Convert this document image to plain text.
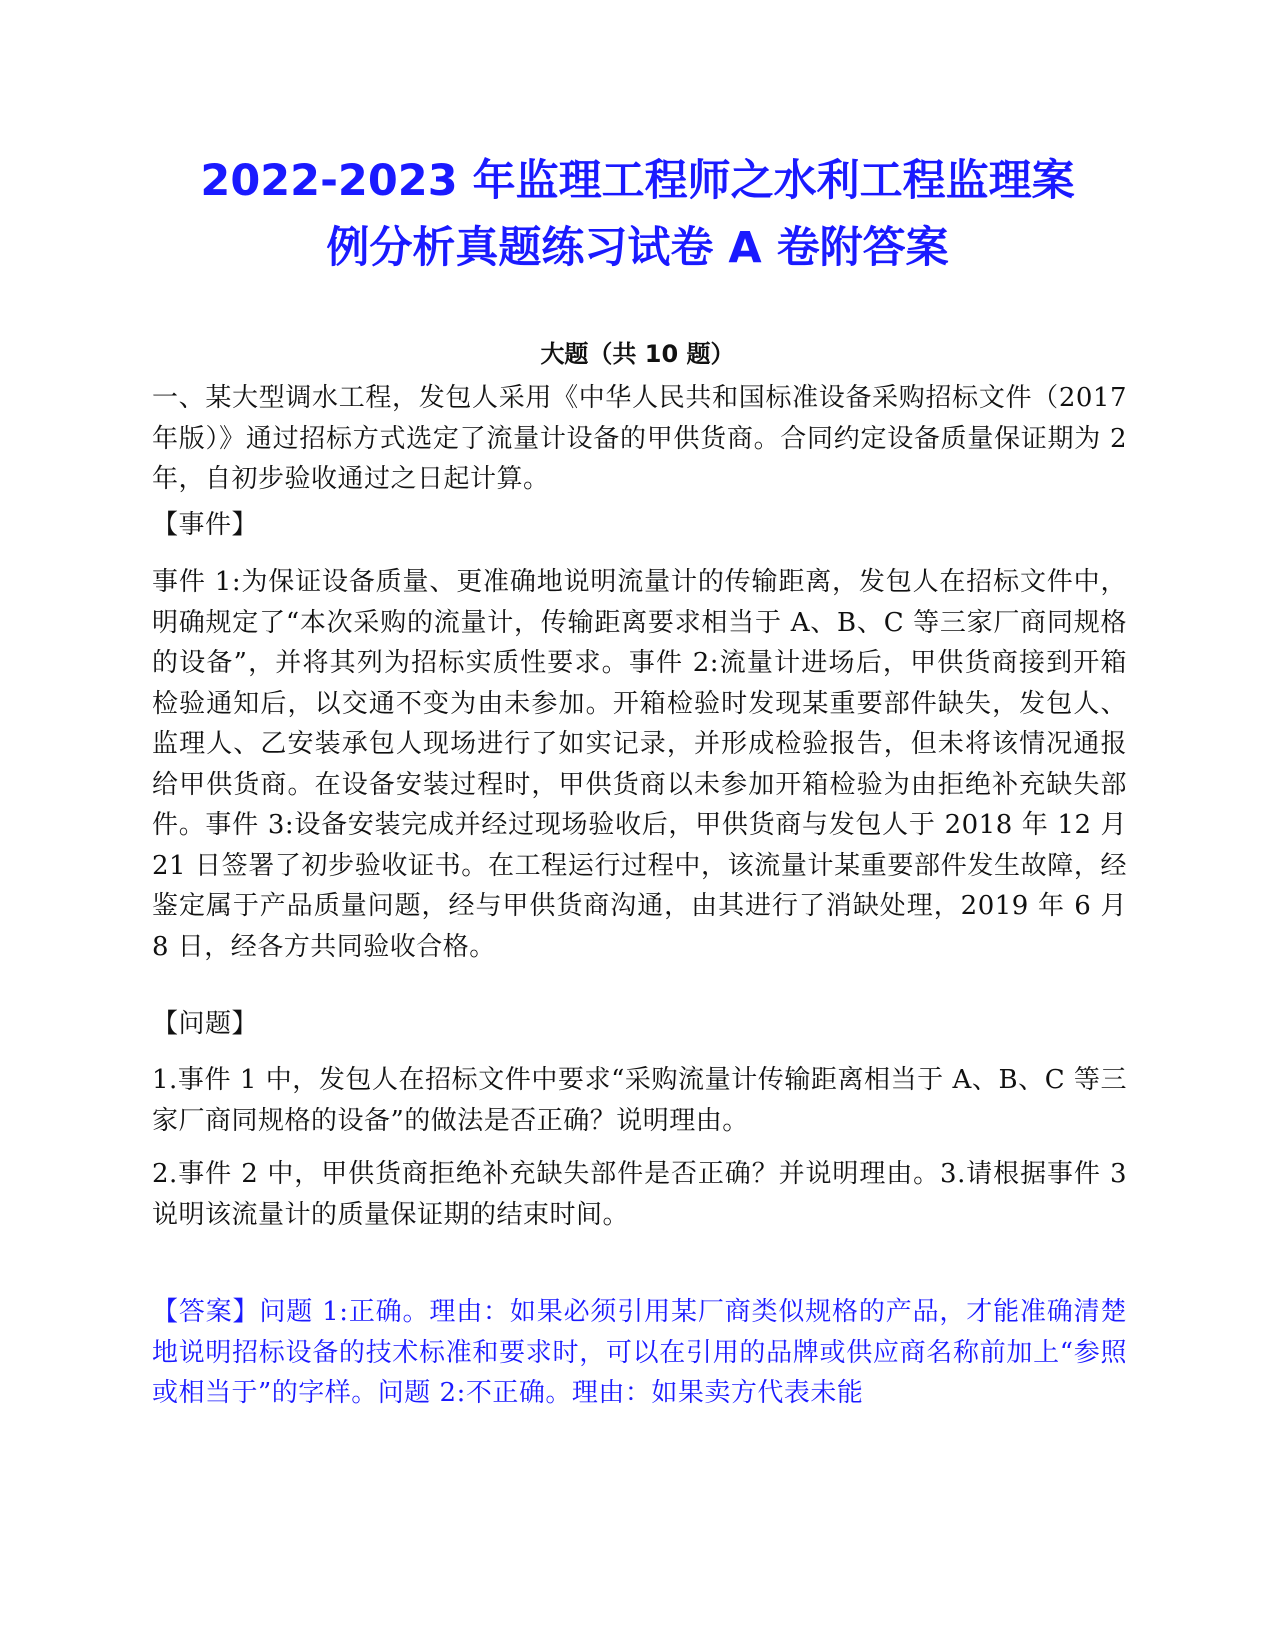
2022-2023 年监理工程师之水利工程监理案
例分析真题练习试卷 A 卷附答案
大题（共 10 题）

一、某大型调水工程，发包人采用《中华人民共和国标准设备采购招标文件（2017 年版）》通过招标方式选定了流量计设备的甲供货商。合同约定设备质量保证期为 2 年，自初步验收通过之日起计算。

【事件】

事件 1:为保证设备质量、更准确地说明流量计的传输距离，发包人在招标文件中，明确规定了“本次采购的流量计，传输距离要求相当于 A、B、C 等三家厂商同规格的设备”，并将其列为招标实质性要求。事件 2:流量计进场后，甲供货商接到开箱检验通知后，以交通不变为由未参加。开箱检验时发现某重要部件缺失，发包人、监理人、乙安装承包人现场进行了如实记录，并形成检验报告，但未将该情况通报给甲供货商。在设备安装过程时，甲供货商以未参加开箱检验为由拒绝补充缺失部件。事件 3:设备安装完成并经过现场验收后，甲供货商与发包人于 2018 年 12 月 21 日签署了初步验收证书。在工程运行过程中，该流量计某重要部件发生故障，经鉴定属于产品质量问题，经与甲供货商沟通，由其进行了消缺处理，2019 年 6 月 8 日，经各方共同验收合格。

【问题】

1.事件 1 中，发包人在招标文件中要求“采购流量计传输距离相当于 A、B、C 等三家厂商同规格的设备”的做法是否正确？说明理由。

2.事件 2 中，甲供货商拒绝补充缺失部件是否正确？并说明理由。3.请根据事件 3 说明该流量计的质量保证期的结束时间。

【答案】问题 1:正确。理由：如果必须引用某厂商类似规格的产品，才能准确清楚地说明招标设备的技术标准和要求时，可以在引用的品牌或供应商名称前加上“参照或相当于”的字样。问题 2:不正确。理由：如果卖方代表未能
